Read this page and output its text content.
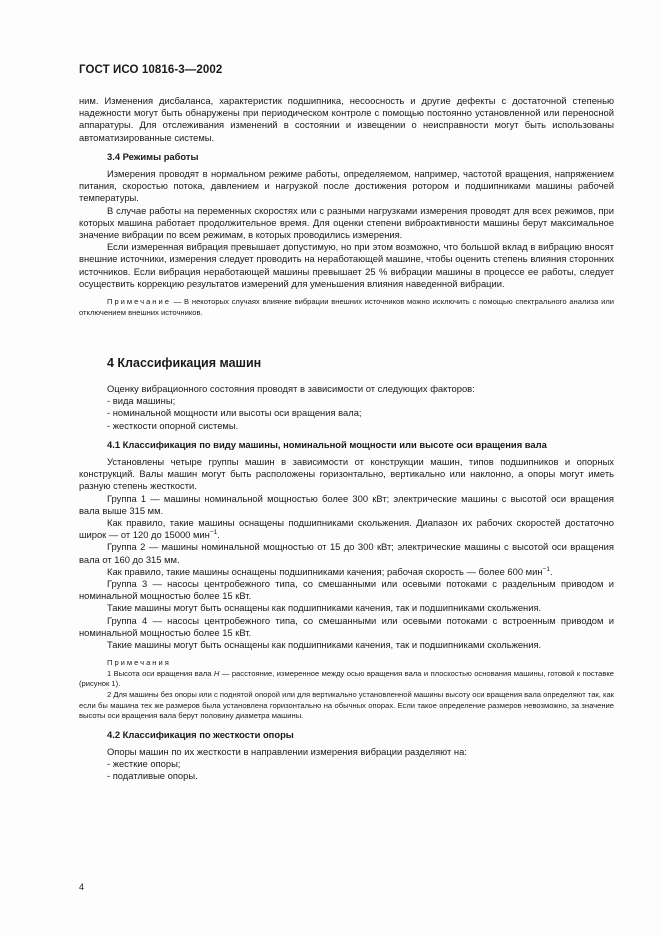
ГОСТ ИСО 10816-3—2002

ним. Изменения дисбаланса, характеристик подшипника, несоосность и другие дефекты с достаточной степенью надежности могут быть обнаружены при периодическом контроле с помощью постоянно установленной или переносной аппаратуры. Для отслеживания изменений в состоянии и извещении о неисправности могут быть использованы автоматизированные системы.

3.4 Режимы работы

Измерения проводят в нормальном режиме работы, определяемом, например, частотой вращения, напряжением питания, скоростью потока, давлением и нагрузкой после достижения ротором и подшипниками машины рабочей температуры.

В случае работы на переменных скоростях или с разными нагрузками измерения проводят для всех режимов, при которых машина работает продолжительное время. Для оценки степени виброактивности машины берут максимальное значение вибрации по всем режимам, в которых проводились измерения.

Если измеренная вибрация превышает допустимую, но при этом возможно, что большой вклад в вибрацию вносят внешние источники, измерения следует проводить на неработающей машине, чтобы оценить степень влияния сторонних источников. Если вибрация неработающей машины превышает 25 % вибрации машины в процессе ее работы, следует осуществить коррекцию результатов измерений для уменьшения влияния наведенной вибрации.

Примечание — В некоторых случаях влияние вибрации внешних источников можно исключить с помощью спектрального анализа или отключением внешних источников.

4 Классификация машин

Оценку вибрационного состояния проводят в зависимости от следующих факторов:

- вида машины;

- номинальной мощности или высоты оси вращения вала;

- жесткости опорной системы.

4.1 Классификация по виду машины, номинальной мощности или высоте оси вращения вала

Установлены четыре группы машин в зависимости от конструкции машин, типов подшипников и опорных конструкций. Валы машин могут быть расположены горизонтально, вертикально или наклонно, а опоры могут иметь разную степень жесткости.

Группа 1 — машины номинальной мощностью более 300 кВт; электрические машины с высотой оси вращения вала выше 315 мм.

Как правило, такие машины оснащены подшипниками скольжения. Диапазон их рабочих скоростей достаточно широк — от 120 до 15000 мин$^{-1}$.

Группа 2 — машины номинальной мощностью от 15 до 300 кВт; электрические машины с высотой оси вращения вала от 160 до 315 мм.

Как правило, такие машины оснащены подшипниками качения; рабочая скорость — более 600 мин$^{-1}$.

Группа 3 — насосы центробежного типа, со смешанными или осевыми потоками с раздельным приводом и номинальной мощностью более 15 кВт.

Такие машины могут быть оснащены как подшипниками качения, так и подшипниками скольжения.

Группа 4 — насосы центробежного типа, со смешанными или осевыми потоками с встроенным приводом и номинальной мощностью более 15 кВт.

Такие машины могут быть оснащены как подшипниками качения, так и подшипниками скольжения.

Примечания

1 Высота оси вращения вала H — расстояние, измеренное между осью вращения вала и плоскостью основания машины, готовой к поставке (рисунок 1).

2 Для машины без опоры или с поднятой опорой или для вертикально установленной машины высоту оси вращения вала определяют так, как если бы машина тех же размеров была установлена горизонтально на обычных опорах. Если такое определение размеров невозможно, за значение высоты оси вращения вала берут половину диаметра машины.

4.2 Классификация по жесткости опоры

Опоры машин по их жесткости в направлении измерения вибрации разделяют на:

- жесткие опоры;

- податливые опоры.

4
